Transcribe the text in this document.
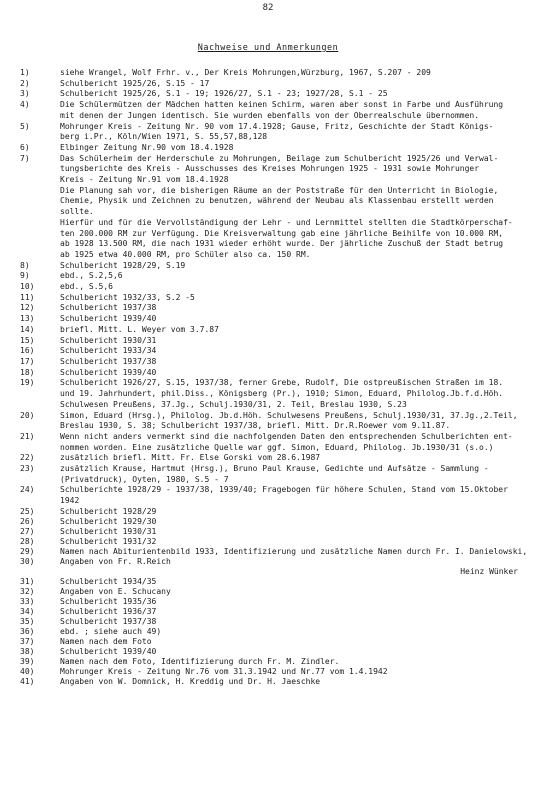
82
Nachweise und Anmerkungen
1)	siehe Wrangel, Wolf Frhr. v., Der Kreis Mohrungen,Würzburg, 1967, S.207 - 209
2)	Schulbericht 1925/26, S.15 - 17
3)	Schulbericht 1925/26, S.1 - 19; 1926/27, S.1 - 23; 1927/28, S.1 - 25
4)	Die Schülermützen der Mädchen hatten keinen Schirm, waren aber sonst in Farbe und Ausführung
mit denen der Jungen identisch. Sie wurden ebenfalls von der Oberrealschule übernommen.
5)	Mohrunger Kreis - Zeitung Nr. 90 vom 17.4.1928; Gause, Fritz, Geschichte der Stadt Königs-
berg i.Pr., Köln/Wien 1971, S. 55,57,88,128
6)	Elbinger Zeitung Nr.90 vom 18.4.1928
7)	Das Schülerheim der Herderschule zu Mohrungen, Beilage zum Schulbericht 1925/26 und Verwal-
tungsberichte des Kreis - Ausschusses des Kreises Mohrungen 1925 - 1931 sowie Mohrunger
Kreis - Zeitung Nr.91 vom 18.4.1928
Die Planung sah vor, die bisherigen Räume an der Poststraße für den Unterricht in Biologie,
Chemie, Physik und Zeichnen zu benutzen, während der Neubau als Klassenbau erstellt werden
sollte.
Hierfür und für die Vervollständigung der Lehr - und Lernmittel stellten die Stadtkörperschaf-
ten 200.000 RM zur Verfügung. Die Kreisverwaltung gab eine jährliche Beihilfe von 10.000 RM,
ab 1928 13.500 RM, die nach 1931 wieder erhöht wurde. Der jährliche Zuschuß der Stadt betrug
ab 1925 etwa 40.000 RM, pro Schüler also ca. 150 RM.
8)	Schulbericht 1928/29, S.19
9)	ebd., S.2,5,6
10)	ebd., S.5,6
11)	Schulbericht 1932/33, S.2 -5
12)	Schulbericht 1937/38
13)	Schulbericht 1939/40
14)	briefl. Mitt. L. Weyer vom 3.7.87
15)	Schulbericht 1930/31
16)	Schulbericht 1933/34
17)	Schulbericht 1937/38
18)	Schulbericht 1939/40
19)	Schulbericht 1926/27, S.15, 1937/38, ferner Grebe, Rudolf, Die ostpreußischen Straßen im 18.
und 19. Jahrhundert, phil.Diss., Königsberg (Pr.), 1910; Simon, Eduard, Philolog.Jb.f.d.Höh.
Schulwesen Preußens, 37.Jg., Schulj.1930/31, 2. Teil, Breslau 1930, S.23
20)	Simon, Eduard (Hrsg.), Philolog. Jb.d.Höh. Schulwesens Preußens, Schulj.1930/31, 37.Jg.,2.Teil,
Breslau 1930, S. 38; Schulbericht 1937/38, briefl. Mitt. Dr.R.Roewer vom 9.11.87.
21)	Wenn nicht anders vermerkt sind die nachfolgenden Daten den entsprechenden Schulberichten ent-
nommen worden. Eine zusätzliche Quelle war ggf. Simon, Eduard, Philolog. Jb.1930/31 (s.o.)
22)	zusätzlich briefl. Mitt. Fr. Else Gorski vom 28.6.1987
23)	zusätzlich Krause, Hartmut (Hrsg.), Bruno Paul Krause, Gedichte und Aufsätze - Sammlung -
(Privatdruck), Oyten, 1980, S.5 - 7
24)	Schulberichte 1928/29 - 1937/38, 1939/40; Fragebogen für höhere Schulen, Stand vom 15.Oktober
1942
25)	Schulbericht 1928/29
26)	Schulbericht 1929/30
27)	Schulbericht 1930/31
28)	Schulbericht 1931/32
29)	Namen nach Abiturientenbild 1933, Identifizierung und zusätzliche Namen durch Fr. I. Danielowski,
30)	Angaben von Fr. R.Reich
Heinz Wünker
31)	Schulbericht 1934/35
32)	Angaben von E. Schucany
33)	Schulbericht 1935/36
34)	Schulbericht 1936/37
35)	Schulbericht 1937/38
36)	ebd. ; siehe auch 49)
37)	Namen nach dem Foto
38)	Schulbericht 1939/40
39)	Namen nach dem Foto, Identifizierung durch Fr. M. Zindler.
40)	Mohrunger Kreis - Zeitung Nr.76 vom 31.3.1942 und Nr.77 vom 1.4.1942
41)	Angaben von W. Domnick, H. Kreddig und Dr. H. Jaeschke
